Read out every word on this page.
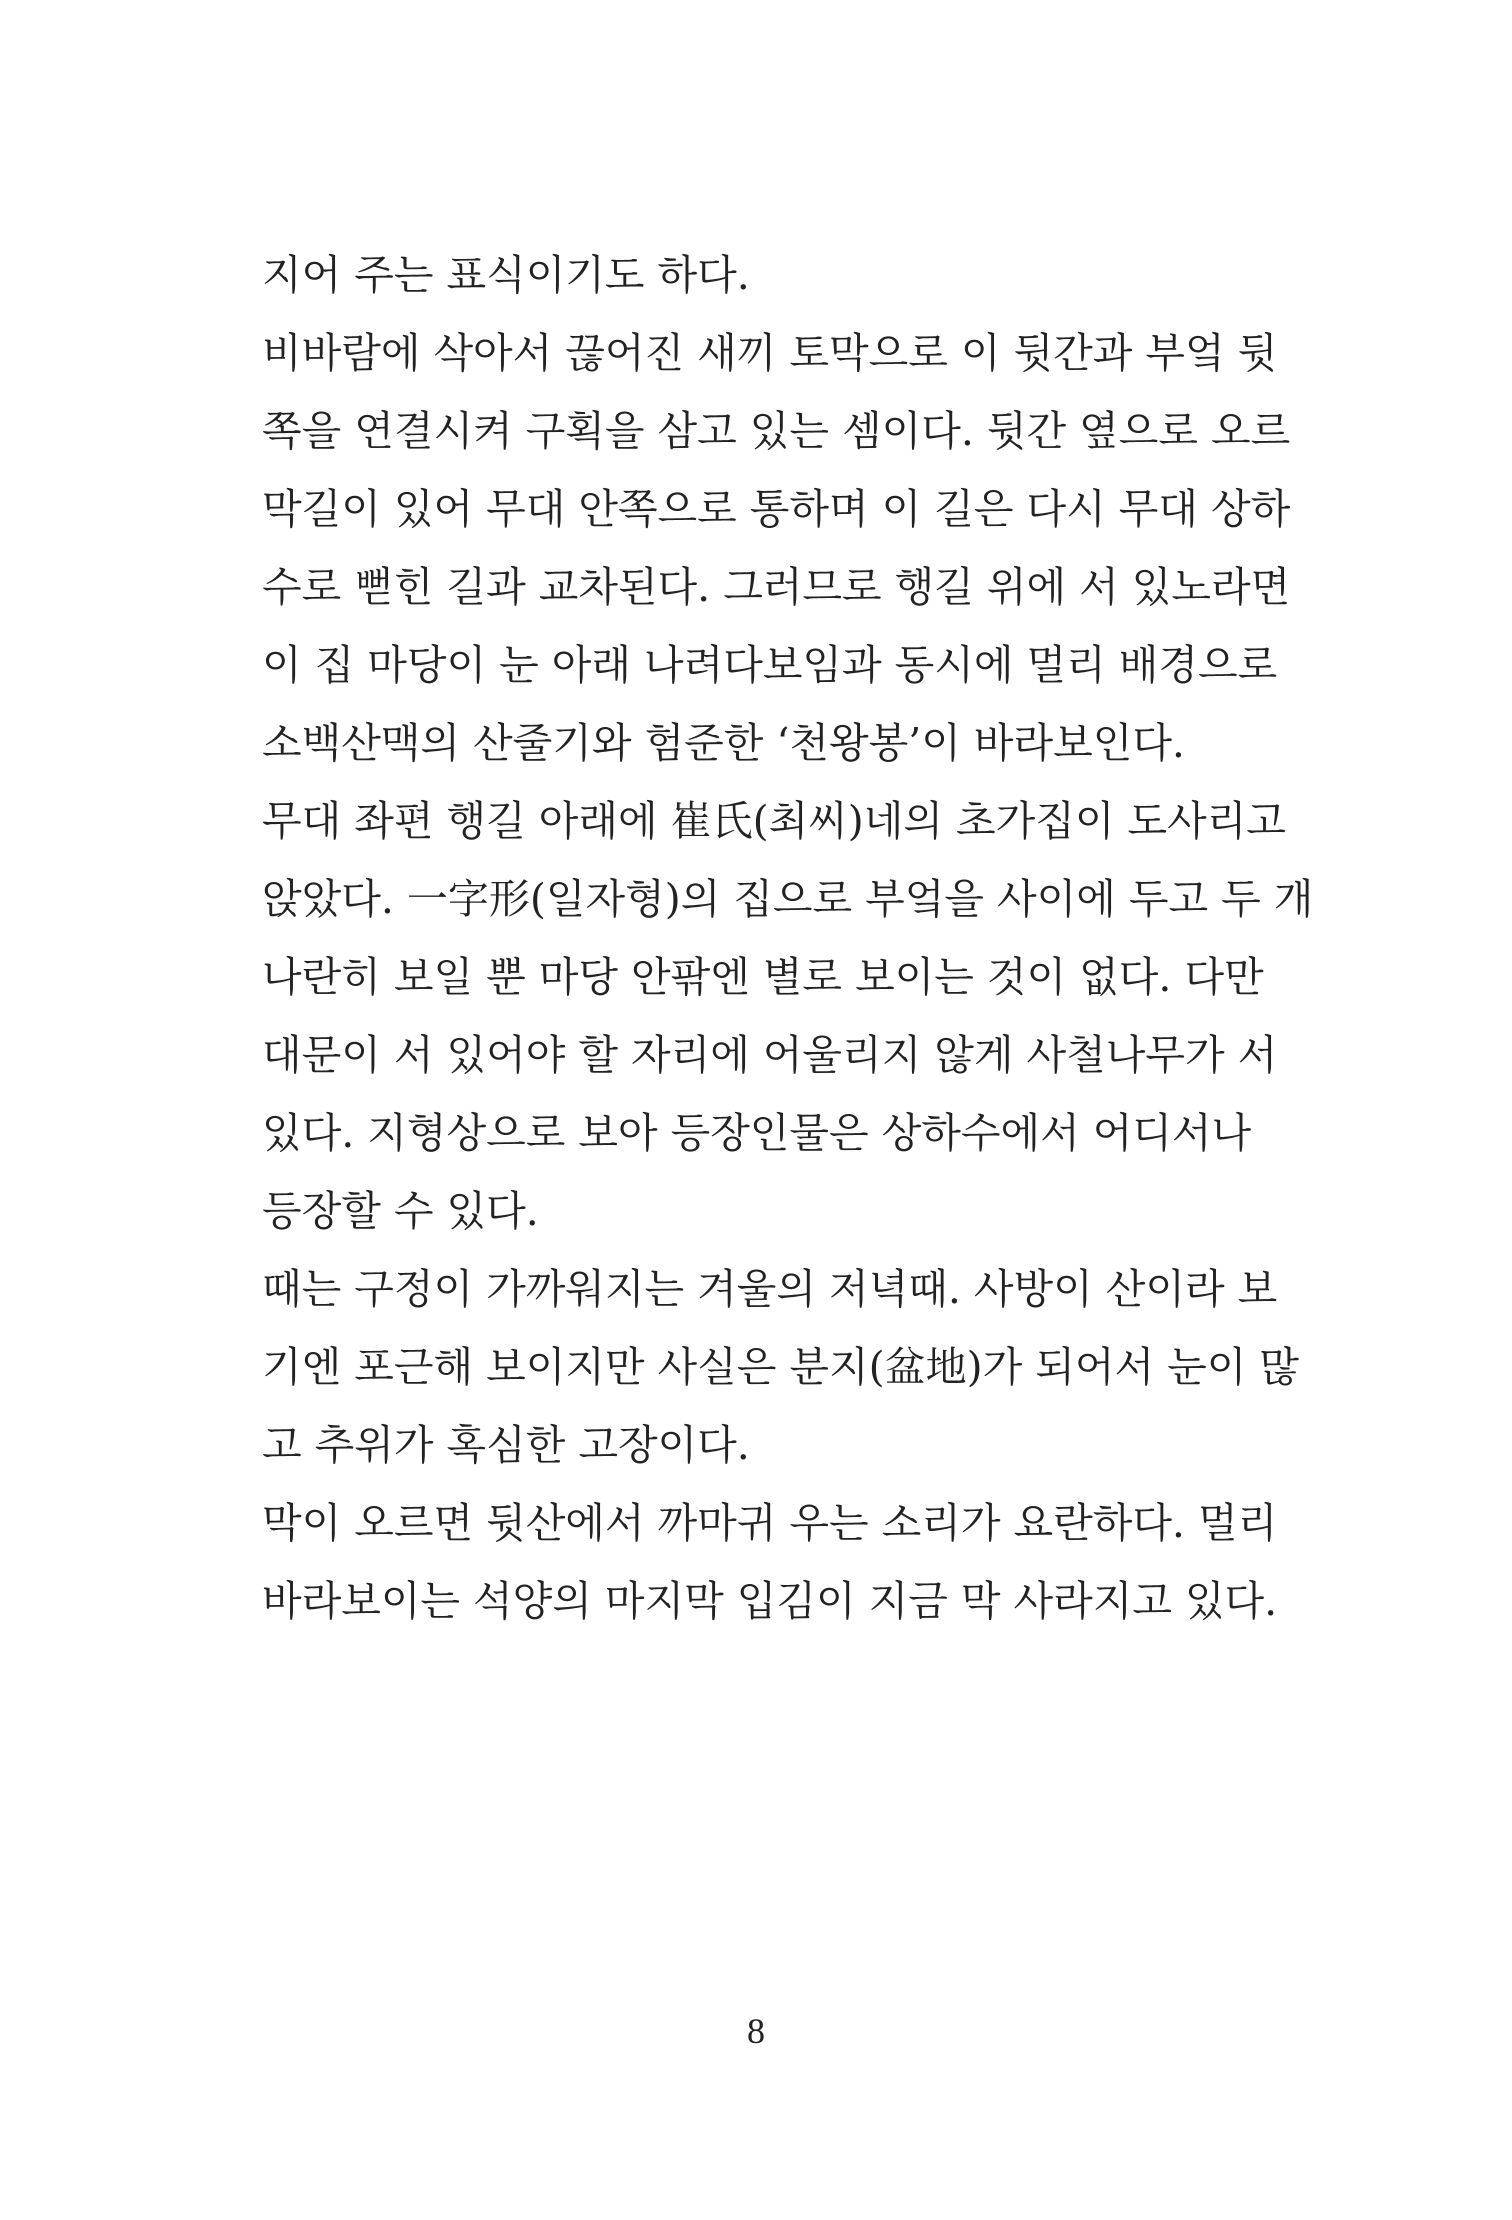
지어 주는 표식이기도 하다.
비바람에 삭아서 끊어진 새끼 토막으로 이 뒷간과 부엌 뒷
쪽을 연결시켜 구획을 삼고 있는 셈이다. 뒷간 옆으로 오르
막길이 있어 무대 안쪽으로 통하며 이 길은 다시 무대 상하
수로 뻗힌 길과 교차된다. 그러므로 행길 위에 서 있노라면
이 집 마당이 눈 아래 나려다보임과 동시에 멀리 배경으로
소백산맥의 산줄기와 험준한 ‘천왕봉’이 바라보인다.
무대 좌편 행길 아래에 崔氏(최씨)네의 초가집이 도사리고
앉았다. 一字形(일자형)의 집으로 부엌을 사이에 두고 두 개
나란히 보일 뿐 마당 안팎엔 별로 보이는 것이 없다. 다만
대문이 서 있어야 할 자리에 어울리지 않게 사철나무가 서
있다. 지형상으로 보아 등장인물은 상하수에서 어디서나
등장할 수 있다.
때는 구정이 가까워지는 겨울의 저녁때. 사방이 산이라 보
기엔 포근해 보이지만 사실은 분지(盆地)가 되어서 눈이 많
고 추위가 혹심한 고장이다.
막이 오르면 뒷산에서 까마귀 우는 소리가 요란하다. 멀리
바라보이는 석양의 마지막 입김이 지금 막 사라지고 있다.
8
